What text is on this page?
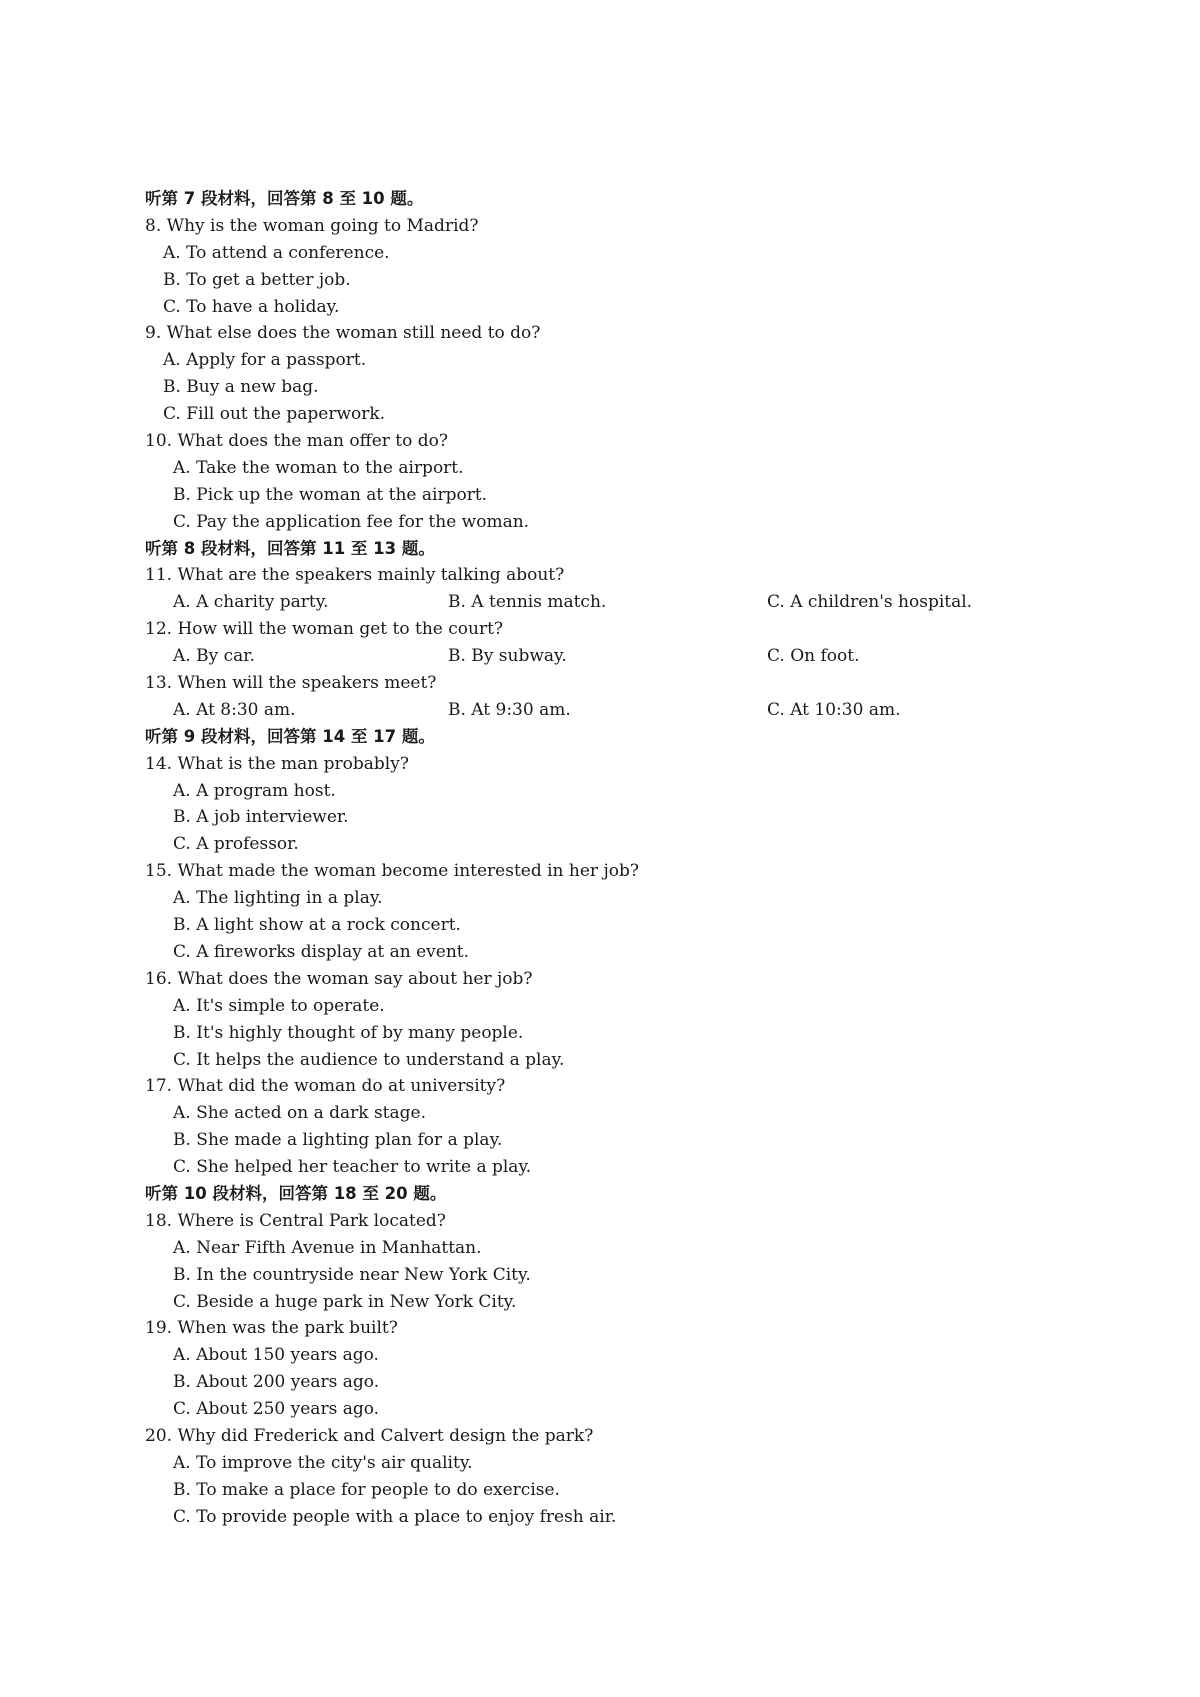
听第 7 段材料，回答第 8 至 10 题。
8. Why is the woman going to Madrid?
A. To attend a conference.
B. To get a better job.
C. To have a holiday.
9. What else does the woman still need to do?
A. Apply for a passport.
B. Buy a new bag.
C. Fill out the paperwork.
10. What does the man offer to do?
A. Take the woman to the airport.
B. Pick up the woman at the airport.
C. Pay the application fee for the woman.
听第 8 段材料，回答第 11 至 13 题。
11. What are the speakers mainly talking about?
A. A charity party.	B. A tennis match.	C. A children's hospital.
12. How will the woman get to the court?
A. By car.	B. By subway.	C. On foot.
13. When will the speakers meet?
A. At 8:30 am.	B. At 9:30 am.	C. At 10:30 am.
听第 9 段材料，回答第 14 至 17 题。
14. What is the man probably?
A. A program host.
B. A job interviewer.
C. A professor.
15. What made the woman become interested in her job?
A. The lighting in a play.
B. A light show at a rock concert.
C. A fireworks display at an event.
16. What does the woman say about her job?
A. It's simple to operate.
B. It's highly thought of by many people.
C. It helps the audience to understand a play.
17. What did the woman do at university?
A. She acted on a dark stage.
B. She made a lighting plan for a play.
C. She helped her teacher to write a play.
听第 10 段材料，回答第 18 至 20 题。
18. Where is Central Park located?
A. Near Fifth Avenue in Manhattan.
B. In the countryside near New York City.
C. Beside a huge park in New York City.
19. When was the park built?
A. About 150 years ago.
B. About 200 years ago.
C. About 250 years ago.
20. Why did Frederick and Calvert design the park?
A. To improve the city's air quality.
B. To make a place for people to do exercise.
C. To provide people with a place to enjoy fresh air.
